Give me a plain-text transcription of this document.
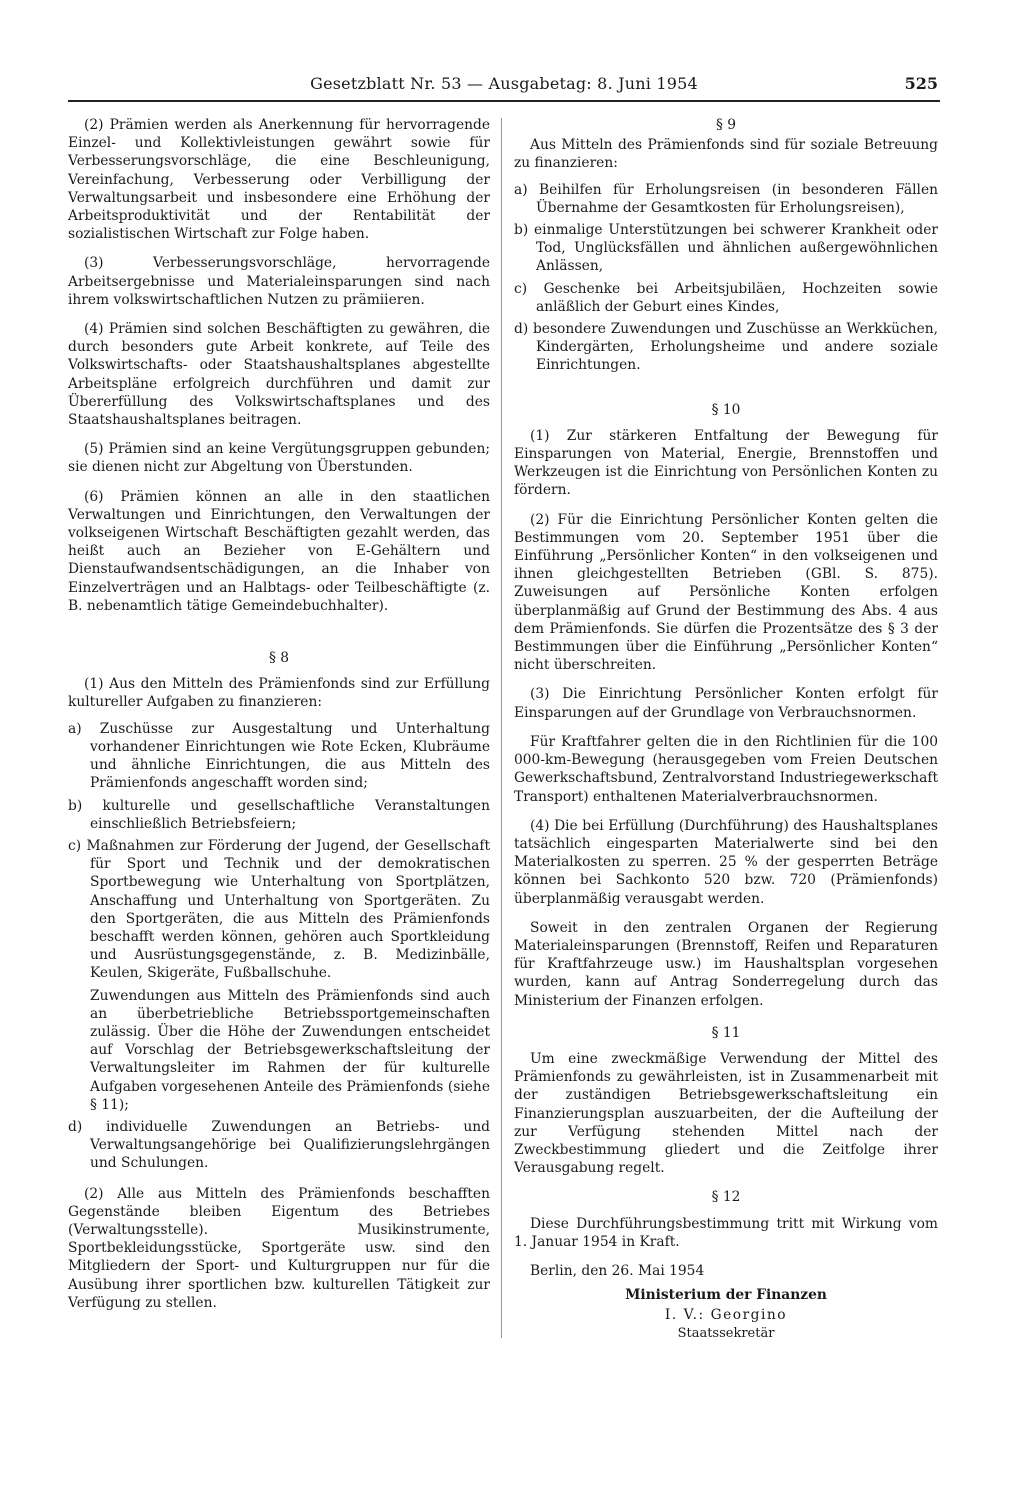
Gesetzblatt Nr. 53 — Ausgabetag: 8. Juni 1954	525

(2) Prämien werden als Anerkennung für hervorragende Einzel- und Kollektivleistungen gewährt sowie für Verbesserungsvorschläge, die eine Beschleunigung, Vereinfachung, Verbesserung oder Verbilligung der Verwaltungsarbeit und insbesondere eine Erhöhung der Arbeitsproduktivität und der Rentabilität der sozialistischen Wirtschaft zur Folge haben.

(3) Verbesserungsvorschläge, hervorragende Arbeitsergebnisse und Materialeinsparungen sind nach ihrem volkswirtschaftlichen Nutzen zu prämiieren.

(4) Prämien sind solchen Beschäftigten zu gewähren, die durch besonders gute Arbeit konkrete, auf Teile des Volkswirtschafts- oder Staatshaushaltsplanes abgestellte Arbeitspläne erfolgreich durchführen und damit zur Übererfüllung des Volkswirtschaftsplanes und des Staatshaushaltsplanes beitragen.

(5) Prämien sind an keine Vergütungsgruppen gebunden; sie dienen nicht zur Abgeltung von Überstunden.

(6) Prämien können an alle in den staatlichen Verwaltungen und Einrichtungen, den Verwaltungen der volkseigenen Wirtschaft Beschäftigten gezahlt werden, das heißt auch an Bezieher von E-Gehältern und Dienstaufwandsentschädigungen, an die Inhaber von Einzelverträgen und an Halbtags- oder Teilbeschäftigte (z. B. nebenamtlich tätige Gemeindebuchhalter).

§ 8

(1) Aus den Mitteln des Prämienfonds sind zur Erfüllung kultureller Aufgaben zu finanzieren:

a) Zuschüsse zur Ausgestaltung und Unterhaltung vorhandener Einrichtungen wie Rote Ecken, Klubräume und ähnliche Einrichtungen, die aus Mitteln des Prämienfonds angeschafft worden sind;

b) kulturelle und gesellschaftliche Veranstaltungen einschließlich Betriebsfeiern;

c) Maßnahmen zur Förderung der Jugend, der Gesellschaft für Sport und Technik und der demokratischen Sportbewegung wie Unterhaltung von Sportplätzen, Anschaffung und Unterhaltung von Sportgeräten. Zu den Sportgeräten, die aus Mitteln des Prämienfonds beschafft werden können, gehören auch Sportkleidung und Ausrüstungsgegenstände, z. B. Medizinbälle, Keulen, Skigeräte, Fußballschuhe.

Zuwendungen aus Mitteln des Prämienfonds sind auch an überbetriebliche Betriebssportgemeinschaften zulässig. Über die Höhe der Zuwendungen entscheidet auf Vorschlag der Betriebsgewerkschaftsleitung der Verwaltungsleiter im Rahmen der für kulturelle Aufgaben vorgesehenen Anteile des Prämienfonds (siehe § 11);

d) individuelle Zuwendungen an Betriebs- und Verwaltungsangehörige bei Qualifizierungslehrgängen und Schulungen.

(2) Alle aus Mitteln des Prämienfonds beschafften Gegenstände bleiben Eigentum des Betriebes (Verwaltungsstelle). Musikinstrumente, Sportbekleidungsstücke, Sportgeräte usw. sind den Mitgliedern der Sport- und Kulturgruppen nur für die Ausübung ihrer sportlichen bzw. kulturellen Tätigkeit zur Verfügung zu stellen.

§ 9

Aus Mitteln des Prämienfonds sind für soziale Betreuung zu finanzieren:

a) Beihilfen für Erholungsreisen (in besonderen Fällen Übernahme der Gesamtkosten für Erholungsreisen),

b) einmalige Unterstützungen bei schwerer Krankheit oder Tod, Unglücksfällen und ähnlichen außergewöhnlichen Anlässen,

c) Geschenke bei Arbeitsjubiläen, Hochzeiten sowie anläßlich der Geburt eines Kindes,

d) besondere Zuwendungen und Zuschüsse an Werkküchen, Kindergärten, Erholungsheime und andere soziale Einrichtungen.

§ 10

(1) Zur stärkeren Entfaltung der Bewegung für Einsparungen von Material, Energie, Brennstoffen und Werkzeugen ist die Einrichtung von Persönlichen Konten zu fördern.

(2) Für die Einrichtung Persönlicher Konten gelten die Bestimmungen vom 20. September 1951 über die Einführung „Persönlicher Konten“ in den volkseigenen und ihnen gleichgestellten Betrieben (GBl. S. 875). Zuweisungen auf Persönliche Konten erfolgen überplanmäßig auf Grund der Bestimmung des Abs. 4 aus dem Prämienfonds. Sie dürfen die Prozentsätze des § 3 der Bestimmungen über die Einführung „Persönlicher Konten“ nicht überschreiten.

(3) Die Einrichtung Persönlicher Konten erfolgt für Einsparungen auf der Grundlage von Verbrauchsnormen.

Für Kraftfahrer gelten die in den Richtlinien für die 100 000-km-Bewegung (herausgegeben vom Freien Deutschen Gewerkschaftsbund, Zentralvorstand Industriegewerkschaft Transport) enthaltenen Materialverbrauchsnormen.

(4) Die bei Erfüllung (Durchführung) des Haushaltsplanes tatsächlich eingesparten Materialwerte sind bei den Materialkosten zu sperren. 25 % der gesperrten Beträge können bei Sachkonto 520 bzw. 720 (Prämienfonds) überplanmäßig verausgabt werden.

Soweit in den zentralen Organen der Regierung Materialeinsparungen (Brennstoff, Reifen und Reparaturen für Kraftfahrzeuge usw.) im Haushaltsplan vorgesehen wurden, kann auf Antrag Sonderregelung durch das Ministerium der Finanzen erfolgen.

§ 11

Um eine zweckmäßige Verwendung der Mittel des Prämienfonds zu gewährleisten, ist in Zusammenarbeit mit der zuständigen Betriebsgewerkschaftsleitung ein Finanzierungsplan auszuarbeiten, der die Aufteilung der zur Verfügung stehenden Mittel nach der Zweckbestimmung gliedert und die Zeitfolge ihrer Verausgabung regelt.

§ 12

Diese Durchführungsbestimmung tritt mit Wirkung vom 1. Januar 1954 in Kraft.

Berlin, den 26. Mai 1954

Ministerium der Finanzen

I. V.: Georgino

Staatssekretär
